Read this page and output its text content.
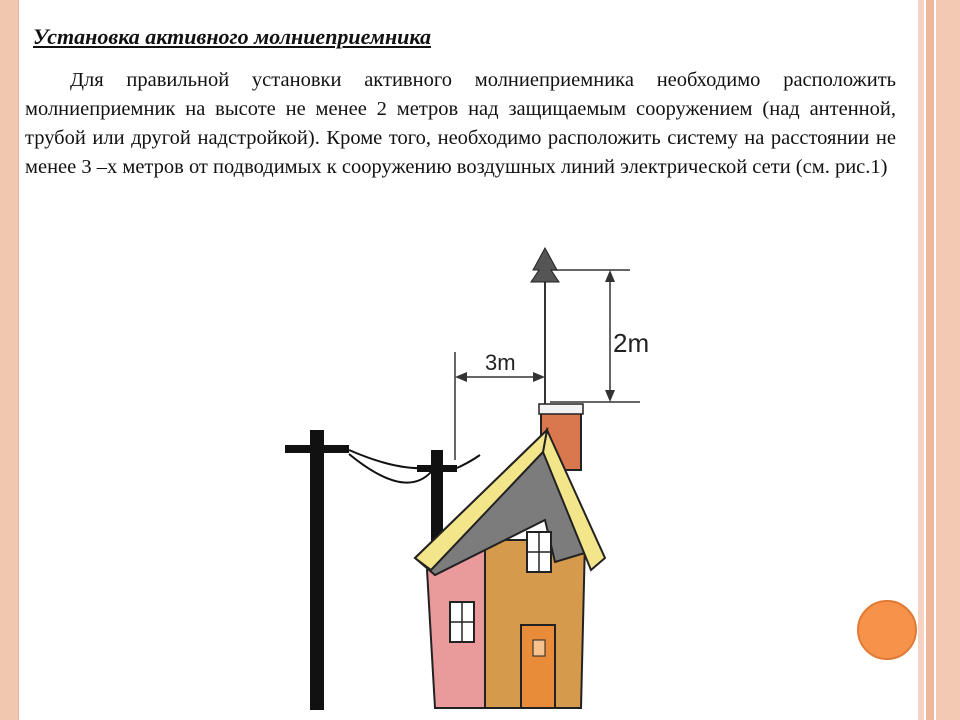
Установка активного молниеприемника

Для правильной установки активного молниеприемника необходимо расположить молниеприемник на высоте не менее 2 метров над защищаемым сооружением (над антенной, трубой или другой надстройкой). Кроме того, необходимо расположить систему на расстоянии не менее 3 –х метров от подводимых к сооружению воздушных линий электрической сети (см. рис.1)

2m
3m
